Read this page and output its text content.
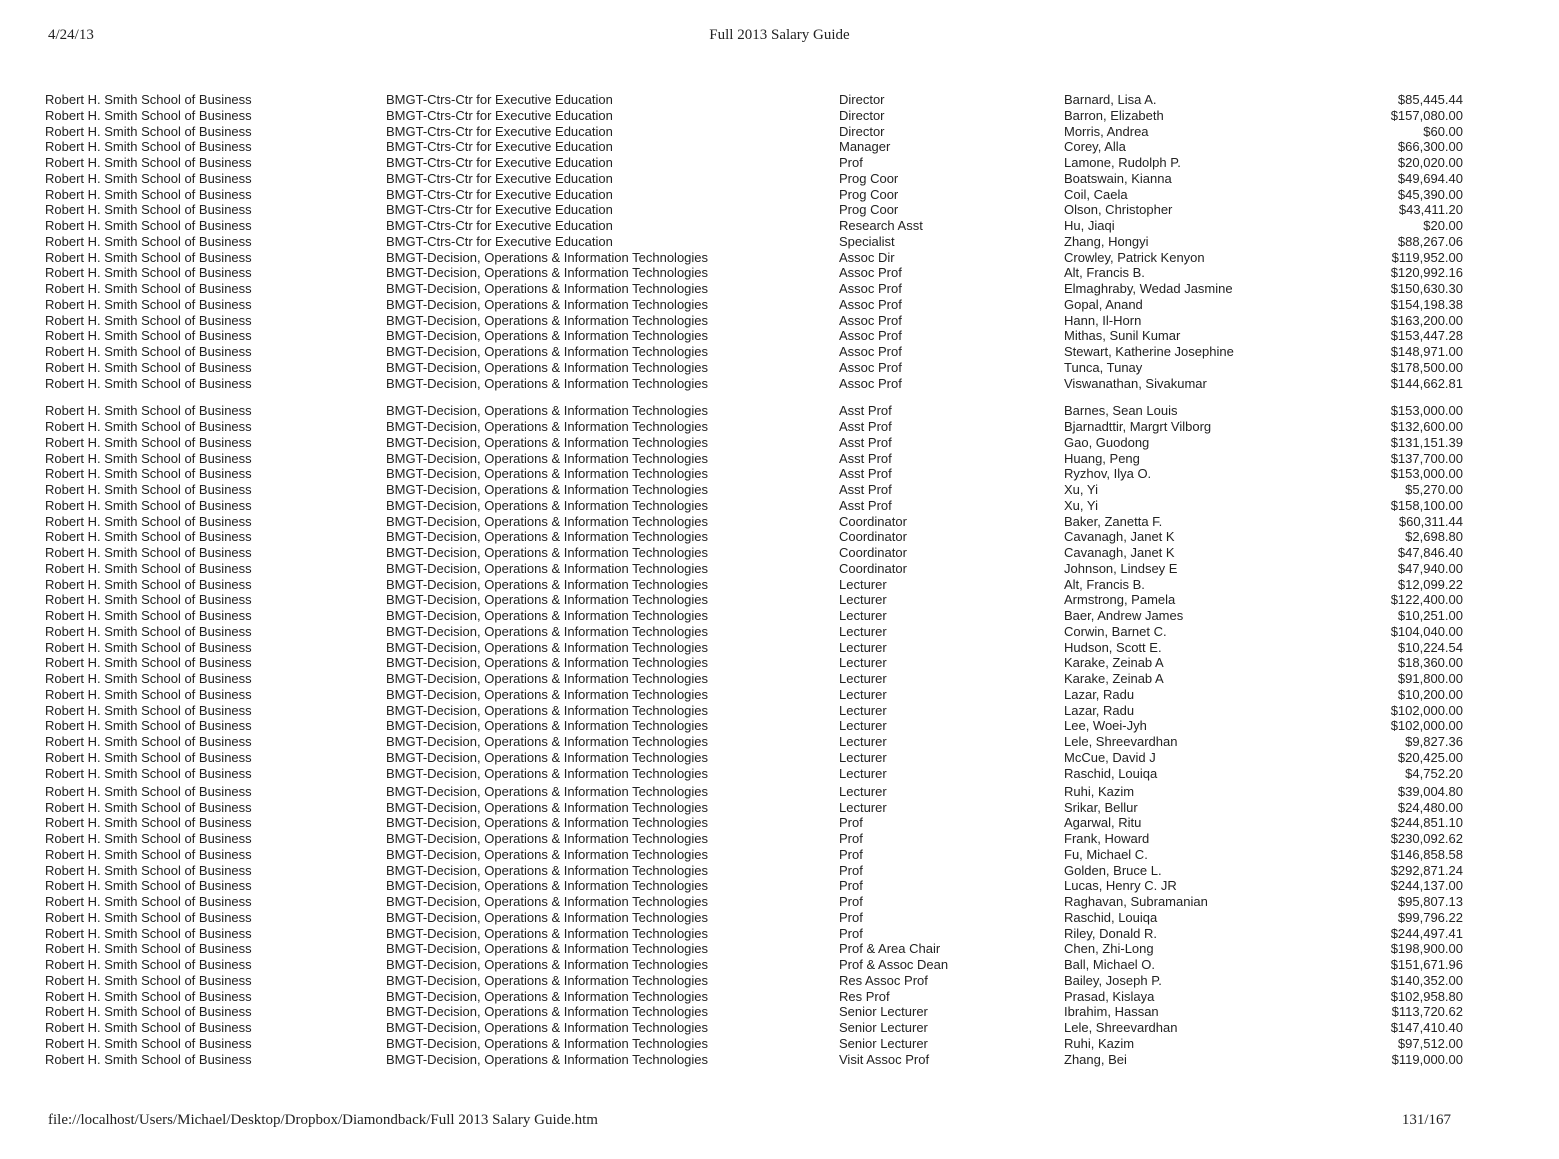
4/24/13	Full 2013 Salary Guide
Robert H. Smith School of Business	BMGT-Ctrs-Ctr for Executive Education	Director	Barnard, Lisa A.	$85,445.44
Robert H. Smith School of Business	BMGT-Ctrs-Ctr for Executive Education	Director	Barron, Elizabeth	$157,080.00
Robert H. Smith School of Business	BMGT-Ctrs-Ctr for Executive Education	Director	Morris, Andrea	$60.00
Robert H. Smith School of Business	BMGT-Ctrs-Ctr for Executive Education	Manager	Corey, Alla	$66,300.00
Robert H. Smith School of Business	BMGT-Ctrs-Ctr for Executive Education	Prof	Lamone, Rudolph P.	$20,020.00
Robert H. Smith School of Business	BMGT-Ctrs-Ctr for Executive Education	Prog Coor	Boatswain, Kianna	$49,694.40
Robert H. Smith School of Business	BMGT-Ctrs-Ctr for Executive Education	Prog Coor	Coil, Caela	$45,390.00
Robert H. Smith School of Business	BMGT-Ctrs-Ctr for Executive Education	Prog Coor	Olson, Christopher	$43,411.20
Robert H. Smith School of Business	BMGT-Ctrs-Ctr for Executive Education	Research Asst	Hu, Jiaqi	$20.00
Robert H. Smith School of Business	BMGT-Ctrs-Ctr for Executive Education	Specialist	Zhang, Hongyi	$88,267.06
Robert H. Smith School of Business	BMGT-Decision, Operations & Information Technologies	Assoc Dir	Crowley, Patrick Kenyon	$119,952.00
Robert H. Smith School of Business	BMGT-Decision, Operations & Information Technologies	Assoc Prof	Alt, Francis B.	$120,992.16
Robert H. Smith School of Business	BMGT-Decision, Operations & Information Technologies	Assoc Prof	Elmaghraby, Wedad Jasmine	$150,630.30
Robert H. Smith School of Business	BMGT-Decision, Operations & Information Technologies	Assoc Prof	Gopal, Anand	$154,198.38
Robert H. Smith School of Business	BMGT-Decision, Operations & Information Technologies	Assoc Prof	Hann, Il-Horn	$163,200.00
Robert H. Smith School of Business	BMGT-Decision, Operations & Information Technologies	Assoc Prof	Mithas, Sunil Kumar	$153,447.28
Robert H. Smith School of Business	BMGT-Decision, Operations & Information Technologies	Assoc Prof	Stewart, Katherine Josephine	$148,971.00
Robert H. Smith School of Business	BMGT-Decision, Operations & Information Technologies	Assoc Prof	Tunca, Tunay	$178,500.00
Robert H. Smith School of Business	BMGT-Decision, Operations & Information Technologies	Assoc Prof	Viswanathan, Sivakumar	$144,662.81
Robert H. Smith School of Business	BMGT-Decision, Operations & Information Technologies	Asst Prof	Barnes, Sean Louis	$153,000.00
Robert H. Smith School of Business	BMGT-Decision, Operations & Information Technologies	Asst Prof	Bjarnadttir, Margrt Vilborg	$132,600.00
Robert H. Smith School of Business	BMGT-Decision, Operations & Information Technologies	Asst Prof	Gao, Guodong	$131,151.39
Robert H. Smith School of Business	BMGT-Decision, Operations & Information Technologies	Asst Prof	Huang, Peng	$137,700.00
Robert H. Smith School of Business	BMGT-Decision, Operations & Information Technologies	Asst Prof	Ryzhov, Ilya O.	$153,000.00
Robert H. Smith School of Business	BMGT-Decision, Operations & Information Technologies	Asst Prof	Xu, Yi	$5,270.00
Robert H. Smith School of Business	BMGT-Decision, Operations & Information Technologies	Asst Prof	Xu, Yi	$158,100.00
Robert H. Smith School of Business	BMGT-Decision, Operations & Information Technologies	Coordinator	Baker, Zanetta F.	$60,311.44
Robert H. Smith School of Business	BMGT-Decision, Operations & Information Technologies	Coordinator	Cavanagh, Janet K	$2,698.80
Robert H. Smith School of Business	BMGT-Decision, Operations & Information Technologies	Coordinator	Cavanagh, Janet K	$47,846.40
Robert H. Smith School of Business	BMGT-Decision, Operations & Information Technologies	Coordinator	Johnson, Lindsey E	$47,940.00
Robert H. Smith School of Business	BMGT-Decision, Operations & Information Technologies	Lecturer	Alt, Francis B.	$12,099.22
Robert H. Smith School of Business	BMGT-Decision, Operations & Information Technologies	Lecturer	Armstrong, Pamela	$122,400.00
Robert H. Smith School of Business	BMGT-Decision, Operations & Information Technologies	Lecturer	Baer, Andrew James	$10,251.00
Robert H. Smith School of Business	BMGT-Decision, Operations & Information Technologies	Lecturer	Corwin, Barnet C.	$104,040.00
Robert H. Smith School of Business	BMGT-Decision, Operations & Information Technologies	Lecturer	Hudson, Scott E.	$10,224.54
Robert H. Smith School of Business	BMGT-Decision, Operations & Information Technologies	Lecturer	Karake, Zeinab A	$18,360.00
Robert H. Smith School of Business	BMGT-Decision, Operations & Information Technologies	Lecturer	Karake, Zeinab A	$91,800.00
Robert H. Smith School of Business	BMGT-Decision, Operations & Information Technologies	Lecturer	Lazar, Radu	$10,200.00
Robert H. Smith School of Business	BMGT-Decision, Operations & Information Technologies	Lecturer	Lazar, Radu	$102,000.00
Robert H. Smith School of Business	BMGT-Decision, Operations & Information Technologies	Lecturer	Lee, Woei-Jyh	$102,000.00
Robert H. Smith School of Business	BMGT-Decision, Operations & Information Technologies	Lecturer	Lele, Shreevardhan	$9,827.36
Robert H. Smith School of Business	BMGT-Decision, Operations & Information Technologies	Lecturer	McCue, David J	$20,425.00
Robert H. Smith School of Business	BMGT-Decision, Operations & Information Technologies	Lecturer	Raschid, Louiqa	$4,752.20
Robert H. Smith School of Business	BMGT-Decision, Operations & Information Technologies	Lecturer	Ruhi, Kazim	$39,004.80
Robert H. Smith School of Business	BMGT-Decision, Operations & Information Technologies	Lecturer	Srikar, Bellur	$24,480.00
Robert H. Smith School of Business	BMGT-Decision, Operations & Information Technologies	Prof	Agarwal, Ritu	$244,851.10
Robert H. Smith School of Business	BMGT-Decision, Operations & Information Technologies	Prof	Frank, Howard	$230,092.62
Robert H. Smith School of Business	BMGT-Decision, Operations & Information Technologies	Prof	Fu, Michael C.	$146,858.58
Robert H. Smith School of Business	BMGT-Decision, Operations & Information Technologies	Prof	Golden, Bruce L.	$292,871.24
Robert H. Smith School of Business	BMGT-Decision, Operations & Information Technologies	Prof	Lucas, Henry C. JR	$244,137.00
Robert H. Smith School of Business	BMGT-Decision, Operations & Information Technologies	Prof	Raghavan, Subramanian	$95,807.13
Robert H. Smith School of Business	BMGT-Decision, Operations & Information Technologies	Prof	Raschid, Louiqa	$99,796.22
Robert H. Smith School of Business	BMGT-Decision, Operations & Information Technologies	Prof	Riley, Donald R.	$244,497.41
Robert H. Smith School of Business	BMGT-Decision, Operations & Information Technologies	Prof & Area Chair	Chen, Zhi-Long	$198,900.00
Robert H. Smith School of Business	BMGT-Decision, Operations & Information Technologies	Prof & Assoc Dean	Ball, Michael O.	$151,671.96
Robert H. Smith School of Business	BMGT-Decision, Operations & Information Technologies	Res Assoc Prof	Bailey, Joseph P.	$140,352.00
Robert H. Smith School of Business	BMGT-Decision, Operations & Information Technologies	Res Prof	Prasad, Kislaya	$102,958.80
Robert H. Smith School of Business	BMGT-Decision, Operations & Information Technologies	Senior Lecturer	Ibrahim, Hassan	$113,720.62
Robert H. Smith School of Business	BMGT-Decision, Operations & Information Technologies	Senior Lecturer	Lele, Shreevardhan	$147,410.40
Robert H. Smith School of Business	BMGT-Decision, Operations & Information Technologies	Senior Lecturer	Ruhi, Kazim	$97,512.00
Robert H. Smith School of Business	BMGT-Decision, Operations & Information Technologies	Visit Assoc Prof	Zhang, Bei	$119,000.00
file://localhost/Users/Michael/Desktop/Dropbox/Diamondback/Full 2013 Salary Guide.htm	131/167
